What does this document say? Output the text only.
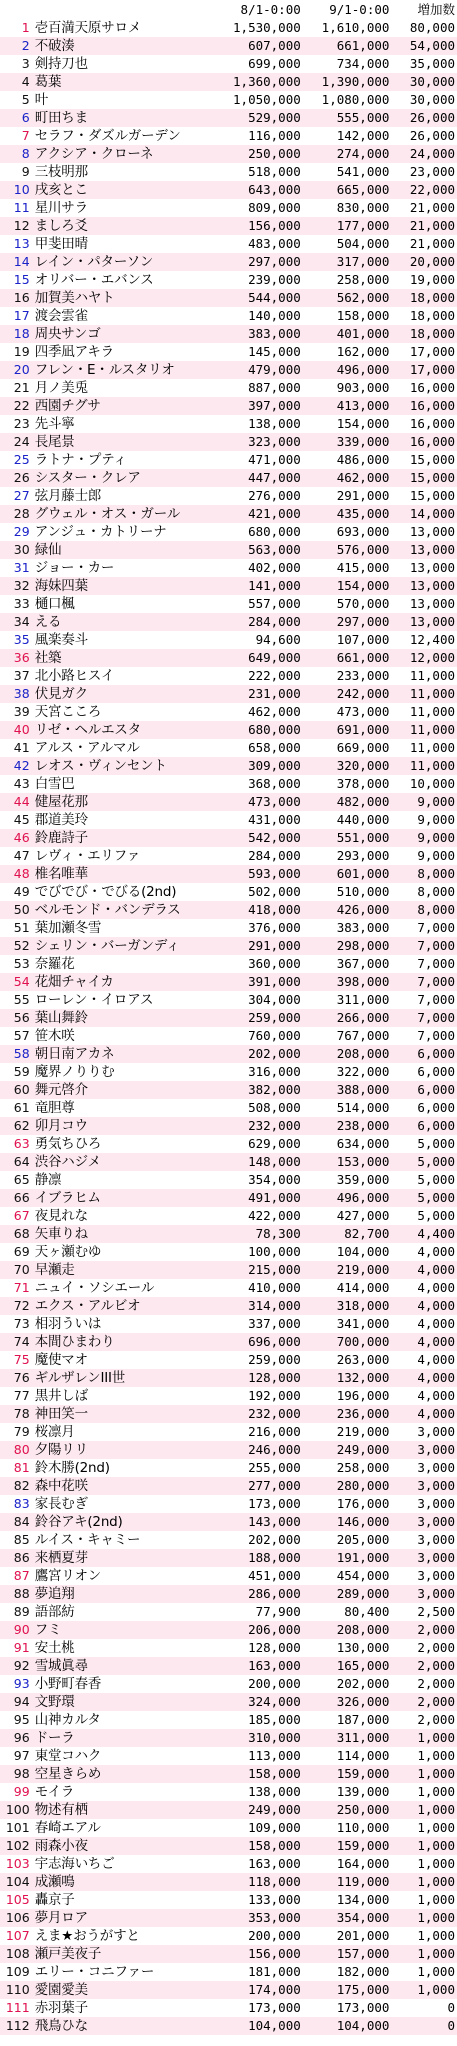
		8/1-0:00	9/1-0:00	増加数
1	壱百満天原サロメ	1,530,000	1,610,000	80,000
2	不破湊	607,000	661,000	54,000
3	剣持刀也	699,000	734,000	35,000
4	葛葉	1,360,000	1,390,000	30,000
5	叶	1,050,000	1,080,000	30,000
6	町田ちま	529,000	555,000	26,000
7	セラフ・ダズルガーデン	116,000	142,000	26,000
8	アクシア・クローネ	250,000	274,000	24,000
9	三枝明那	518,000	541,000	23,000
10	戌亥とこ	643,000	665,000	22,000
11	星川サラ	809,000	830,000	21,000
12	ましろ爻	156,000	177,000	21,000
13	甲斐田晴	483,000	504,000	21,000
14	レイン・パターソン	297,000	317,000	20,000
15	オリバー・エバンス	239,000	258,000	19,000
16	加賀美ハヤト	544,000	562,000	18,000
17	渡会雲雀	140,000	158,000	18,000
18	周央サンゴ	383,000	401,000	18,000
19	四季凪アキラ	145,000	162,000	17,000
20	フレン・E・ルスタリオ	479,000	496,000	17,000
21	月ノ美兎	887,000	903,000	16,000
22	西園チグサ	397,000	413,000	16,000
23	先斗寧	138,000	154,000	16,000
24	長尾景	323,000	339,000	16,000
25	ラトナ・プティ	471,000	486,000	15,000
26	シスター・クレア	447,000	462,000	15,000
27	弦月藤士郎	276,000	291,000	15,000
28	グウェル・オス・ガール	421,000	435,000	14,000
29	アンジュ・カトリーナ	680,000	693,000	13,000
30	緑仙	563,000	576,000	13,000
31	ジョー・カー	402,000	415,000	13,000
32	海妹四葉	141,000	154,000	13,000
33	樋口楓	557,000	570,000	13,000
34	える	284,000	297,000	13,000
35	風楽奏斗	94,600	107,000	12,400
36	社築	649,000	661,000	12,000
37	北小路ヒスイ	222,000	233,000	11,000
38	伏見ガク	231,000	242,000	11,000
39	天宮こころ	462,000	473,000	11,000
40	リゼ・ヘルエスタ	680,000	691,000	11,000
41	アルス・アルマル	658,000	669,000	11,000
42	レオス・ヴィンセント	309,000	320,000	11,000
43	白雪巴	368,000	378,000	10,000
44	健屋花那	473,000	482,000	9,000
45	郡道美玲	431,000	440,000	9,000
46	鈴鹿詩子	542,000	551,000	9,000
47	レヴィ・エリファ	284,000	293,000	9,000
48	椎名唯華	593,000	601,000	8,000
49	でびでび・でびる(2nd)	502,000	510,000	8,000
50	ベルモンド・バンデラス	418,000	426,000	8,000
51	葉加瀬冬雪	376,000	383,000	7,000
52	シェリン・バーガンディ	291,000	298,000	7,000
53	奈羅花	360,000	367,000	7,000
54	花畑チャイカ	391,000	398,000	7,000
55	ローレン・イロアス	304,000	311,000	7,000
56	葉山舞鈴	259,000	266,000	7,000
57	笹木咲	760,000	767,000	7,000
58	朝日南アカネ	202,000	208,000	6,000
59	魔界ノりりむ	316,000	322,000	6,000
60	舞元啓介	382,000	388,000	6,000
61	竜胆尊	508,000	514,000	6,000
62	卯月コウ	232,000	238,000	6,000
63	勇気ちひろ	629,000	634,000	5,000
64	渋谷ハジメ	148,000	153,000	5,000
65	静凛	354,000	359,000	5,000
66	イブラヒム	491,000	496,000	5,000
67	夜見れな	422,000	427,000	5,000
68	矢車りね	78,300	82,700	4,400
69	天ヶ瀬むゆ	100,000	104,000	4,000
70	早瀬走	215,000	219,000	4,000
71	ニュイ・ソシエール	410,000	414,000	4,000
72	エクス・アルビオ	314,000	318,000	4,000
73	相羽ういは	337,000	341,000	4,000
74	本間ひまわり	696,000	700,000	4,000
75	魔使マオ	259,000	263,000	4,000
76	ギルザレンIII世	128,000	132,000	4,000
77	黒井しば	192,000	196,000	4,000
78	神田笑一	232,000	236,000	4,000
79	桜凛月	216,000	219,000	3,000
80	夕陽リリ	246,000	249,000	3,000
81	鈴木勝(2nd)	255,000	258,000	3,000
82	森中花咲	277,000	280,000	3,000
83	家長むぎ	173,000	176,000	3,000
84	鈴谷アキ(2nd)	143,000	146,000	3,000
85	ルイス・キャミー	202,000	205,000	3,000
86	来栖夏芽	188,000	191,000	3,000
87	鷹宮リオン	451,000	454,000	3,000
88	夢追翔	286,000	289,000	3,000
89	語部紡	77,900	80,400	2,500
90	フミ	206,000	208,000	2,000
91	安土桃	128,000	130,000	2,000
92	雪城眞尋	163,000	165,000	2,000
93	小野町春香	200,000	202,000	2,000
94	文野環	324,000	326,000	2,000
95	山神カルタ	185,000	187,000	2,000
96	ドーラ	310,000	311,000	1,000
97	東堂コハク	113,000	114,000	1,000
98	空星きらめ	158,000	159,000	1,000
99	モイラ	138,000	139,000	1,000
100	物述有栖	249,000	250,000	1,000
101	春崎エアル	109,000	110,000	1,000
102	雨森小夜	158,000	159,000	1,000
103	宇志海いちご	163,000	164,000	1,000
104	成瀬鳴	118,000	119,000	1,000
105	轟京子	133,000	134,000	1,000
106	夢月ロア	353,000	354,000	1,000
107	えま★おうがすと	200,000	201,000	1,000
108	瀬戸美夜子	156,000	157,000	1,000
109	エリー・コニファー	181,000	182,000	1,000
110	愛園愛美	174,000	175,000	1,000
111	赤羽葉子	173,000	173,000	0
112	飛鳥ひな	104,000	104,000	0
